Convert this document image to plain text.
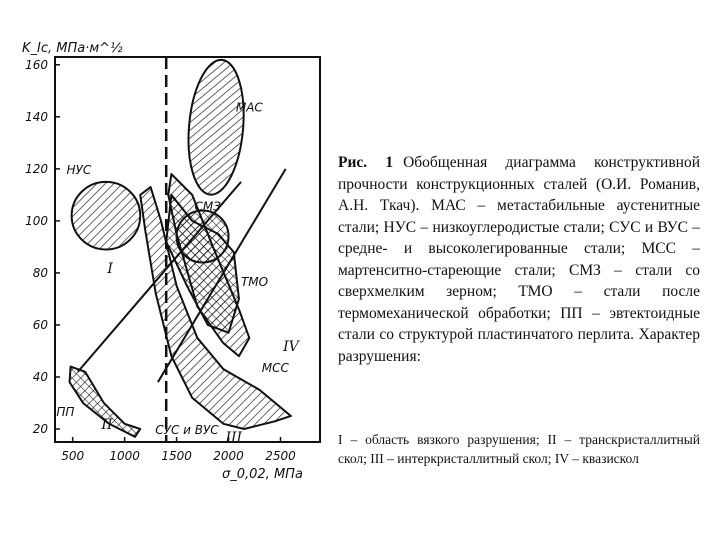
K_Ic, МПа·м^½
σ_0,02, МПа
20
40
60
80
100
120
140
160
500 1000 1500 2000 2500
МАС
НУС
СМЗ
ТМО
МСС
СУС и ВУС
ПП
I
II
III
IV
Рис. 1 Обобщенная диаграмма конструктивной прочности конструкционных сталей (О.И. Романив, А.Н. Ткач). МАС – метастабильные аустенитные стали; НУС – низкоуглеродистые стали; СУС и ВУС – средне- и высоколегированные стали; МСС – мартенситно-стареющие стали; СМЗ – стали со сверхмелким зерном; ТМО – стали после термомеханической обработки; ПП – эвтектоидные стали со структурой пластинчатого перлита. Характер разрушения:
I – область вязкого разрушения; II – транскристаллитный скол; III – интеркристаллитный скол; IV – квазискол
